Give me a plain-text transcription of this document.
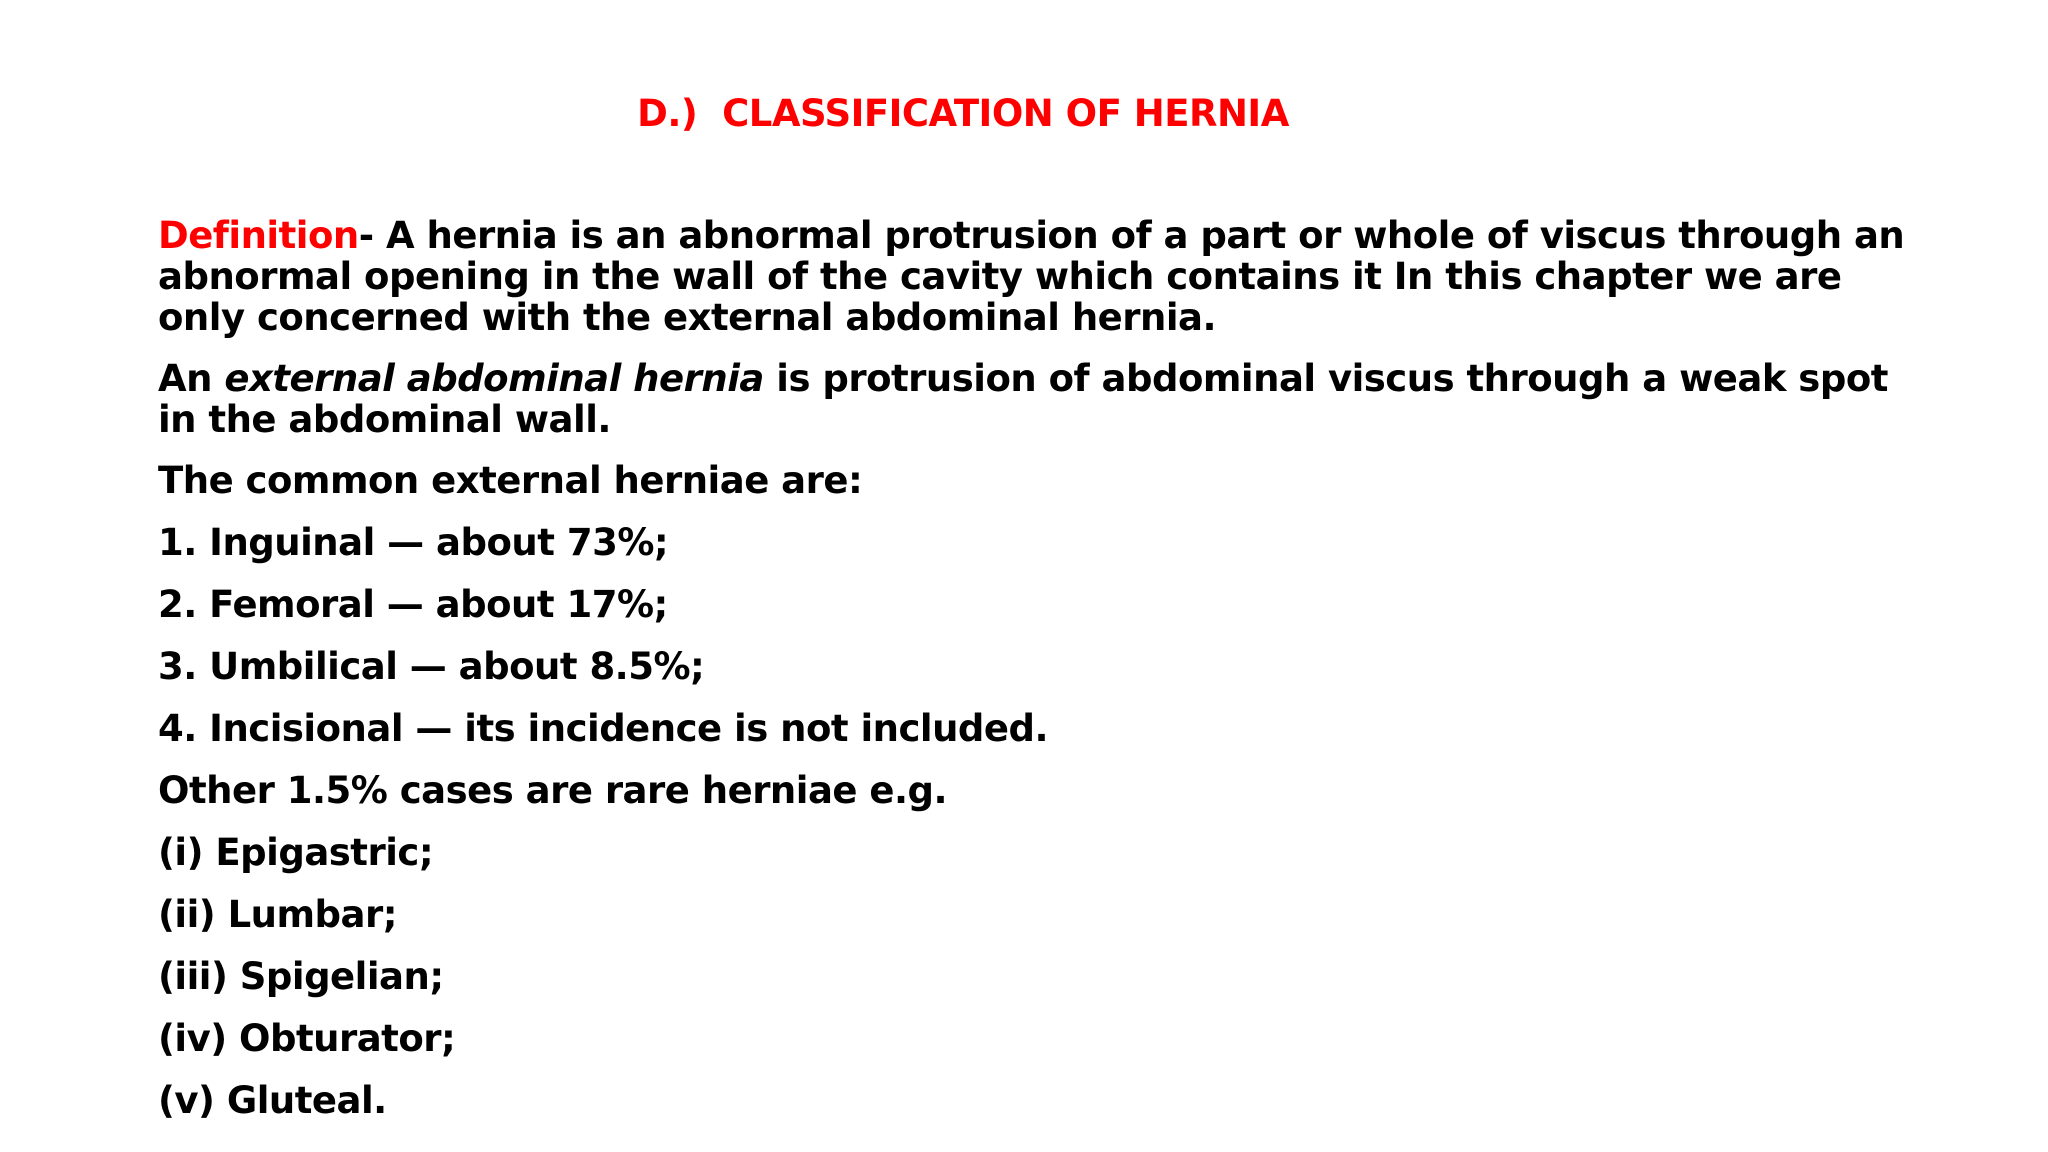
D.)  CLASSIFICATION OF HERNIA

Definition- A hernia is an abnormal protrusion of a part or whole of viscus through an abnormal opening in the wall of the cavity which contains it In this chapter we are only concerned with the external abdominal hernia.

An external abdominal hernia is protrusion of abdominal viscus through a weak spot in the abdominal wall.

The common external herniae are:

1. Inguinal — about 73%;

2. Femoral — about 17%;

3. Umbilical — about 8.5%;

4. Incisional — its incidence is not included.

Other 1.5% cases are rare herniae e.g.

(i) Epigastric;

(ii) Lumbar;

(iii) Spigelian;

(iv) Obturator;

(v) Gluteal.
